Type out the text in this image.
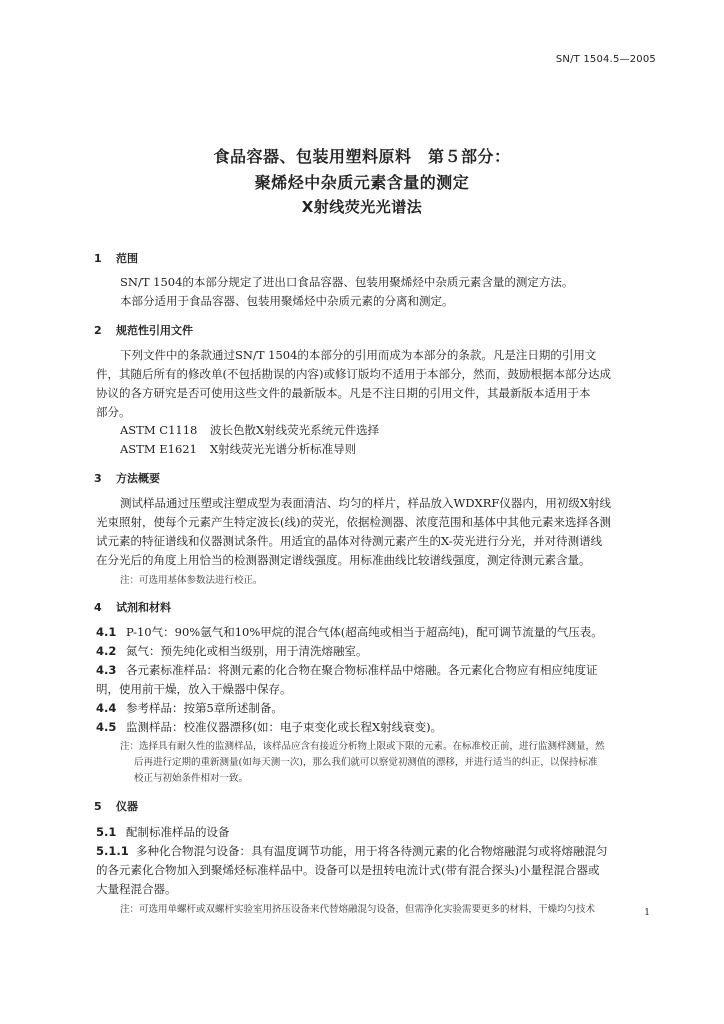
SN/T 1504.5—2005
食品容器、包装用塑料原料　第５部分：
聚烯烃中杂质元素含量的测定
X射线荧光光谱法
1 范围
SN/T 1504的本部分规定了进出口食品容器、包装用聚烯烃中杂质元素含量的测定方法。
本部分适用于食品容器、包装用聚烯烃中杂质元素的分离和测定。
2 规范性引用文件
下列文件中的条款通过SN/T 1504的本部分的引用而成为本部分的条款。凡是注日期的引用文
件，其随后所有的修改单(不包括勘误的内容)或修订版均不适用于本部分，然而，鼓励根据本部分达成
协议的各方研究是否可使用这些文件的最新版本。凡是不注日期的引用文件，其最新版本适用于本
部分。
ASTM C1118 波长色散X射线荧光系统元件选择
ASTM E1621 X射线荧光光谱分析标准导则
3 方法概要
测试样品通过压塑或注塑成型为表面清洁、均匀的样片，样品放入WDXRF仪器内，用初级X射线
光束照射，使每个元素产生特定波长(线)的荧光，依据检测器、浓度范围和基体中其他元素来选择各测
试元素的特征谱线和仪器测试条件。用适宜的晶体对待测元素产生的X-荧光进行分光，并对待测谱线
在分光后的角度上用恰当的检测器测定谱线强度。用标准曲线比较谱线强度，测定待测元素含量。
注：可选用基体参数法进行校正。
4 试剂和材料
4.1 P-10气：90%氩气和10%甲烷的混合气体(超高纯或相当于超高纯)，配可调节流量的气压表。
4.2 氮气：预先纯化或相当级别，用于清洗熔融室。
4.3 各元素标准样品：将测元素的化合物在聚合物标准样品中熔融。各元素化合物应有相应纯度证
明，使用前干燥，放入干燥器中保存。
4.4 参考样品：按第5章所述制备。
4.5 监测样品：校准仪器漂移(如：电子束变化或长程X射线衰变)。
注：选择具有耐久性的监测样品，该样品应含有接近分析物上限或下限的元素。在标准校正前，进行监测样测量，然
后再进行定期的重新测量(如每天测一次)，那么我们就可以察觉初测值的漂移，并进行适当的纠正，以保持标准
校正与初始条件相对一致。
5 仪器
5.1 配制标准样品的设备
5.1.1 多种化合物混匀设备：具有温度调节功能，用于将各待测元素的化合物熔融混匀或将熔融混匀
的各元素化合物加入到聚烯烃标准样品中。设备可以是扭转电流计式(带有混合探头)小量程混合器或
大量程混合器。
注：可选用单螺杆或双螺杆实验室用挤压设备来代替熔融混匀设备，但需净化实验需要更多的材料，干燥均匀技术	1
